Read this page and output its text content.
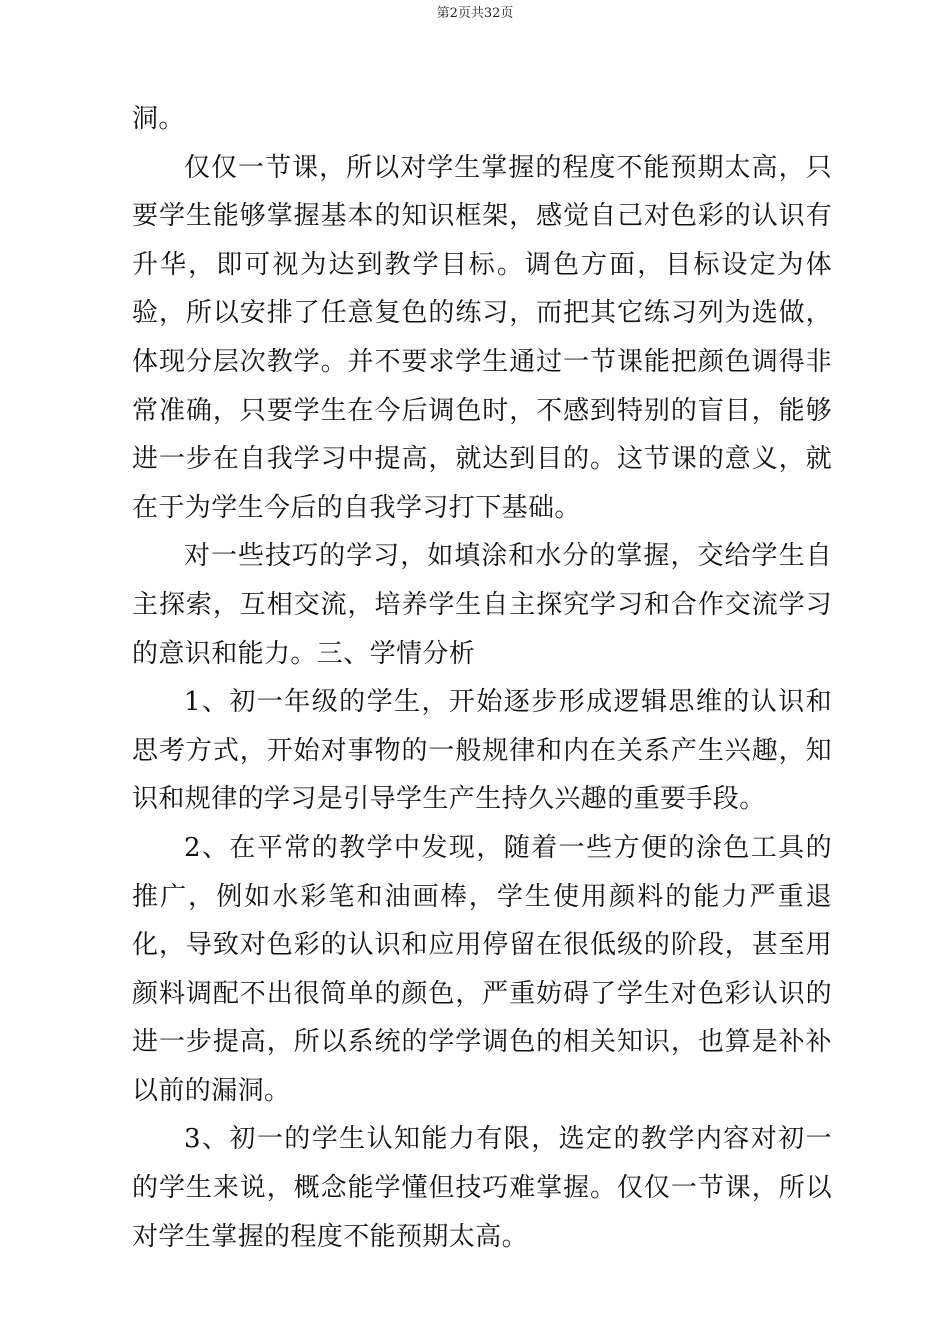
第2页共32页

洞。

仅仅一节课，所以对学生掌握的程度不能预期太高，只要学生能够掌握基本的知识框架，感觉自己对色彩的认识有升华，即可视为达到教学目标。调色方面，目标设定为体验，所以安排了任意复色的练习，而把其它练习列为选做，体现分层次教学。并不要求学生通过一节课能把颜色调得非常准确，只要学生在今后调色时，不感到特别的盲目，能够进一步在自我学习中提高，就达到目的。这节课的意义，就在于为学生今后的自我学习打下基础。

对一些技巧的学习，如填涂和水分的掌握，交给学生自主探索，互相交流，培养学生自主探究学习和合作交流学习的意识和能力。三、学情分析

1、初一年级的学生，开始逐步形成逻辑思维的认识和思考方式，开始对事物的一般规律和内在关系产生兴趣，知识和规律的学习是引导学生产生持久兴趣的重要手段。

2、在平常的教学中发现，随着一些方便的涂色工具的推广，例如水彩笔和油画棒，学生使用颜料的能力严重退化，导致对色彩的认识和应用停留在很低级的阶段，甚至用颜料调配不出很简单的颜色，严重妨碍了学生对色彩认识的进一步提高，所以系统的学学调色的相关知识，也算是补补以前的漏洞。

3、初一的学生认知能力有限，选定的教学内容对初一的学生来说，概念能学懂但技巧难掌握。仅仅一节课，所以对学生掌握的程度不能预期太高。
